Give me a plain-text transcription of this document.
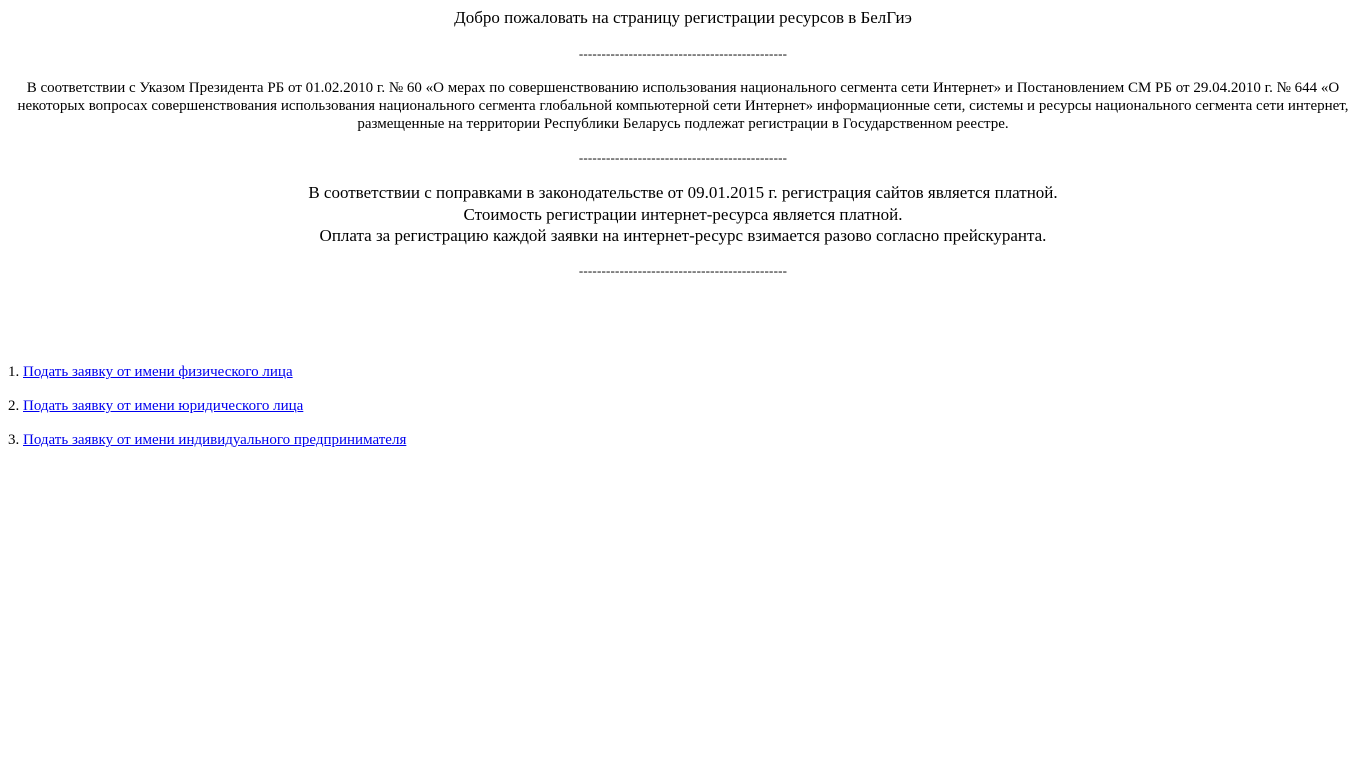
Добро пожаловать на страницу регистрации ресурсов в БелГиэ
----------------------------------------------

В соответствии с Указом Президента РБ от 01.02.2010 г. № 60 «О мерах по совершенствованию использования национального сегмента сети Интернет» и Постановлением СМ РБ от 29.04.2010 г. № 644 «О некоторых вопросах совершенствования использования национального сегмента глобальной компьютерной сети Интернет» информационные сети, системы и ресурсы национального сегмента сети интернет, размещенные на территории Республики Беларусь подлежат регистрации в Государственном реестре.

----------------------------------------------

В соответствии с поправками в законодательстве от 09.01.2015 г. регистрация сайтов является платной.
Стоимость регистрации интернет-ресурса является платной.
Оплата за регистрацию каждой заявки на интернет-ресурс взимается разово согласно прейскуранта.

----------------------------------------------
1. Подать заявку от имени физического лица
2. Подать заявку от имени юридического лица
3. Подать заявку от имени индивидуального предпринимателя
